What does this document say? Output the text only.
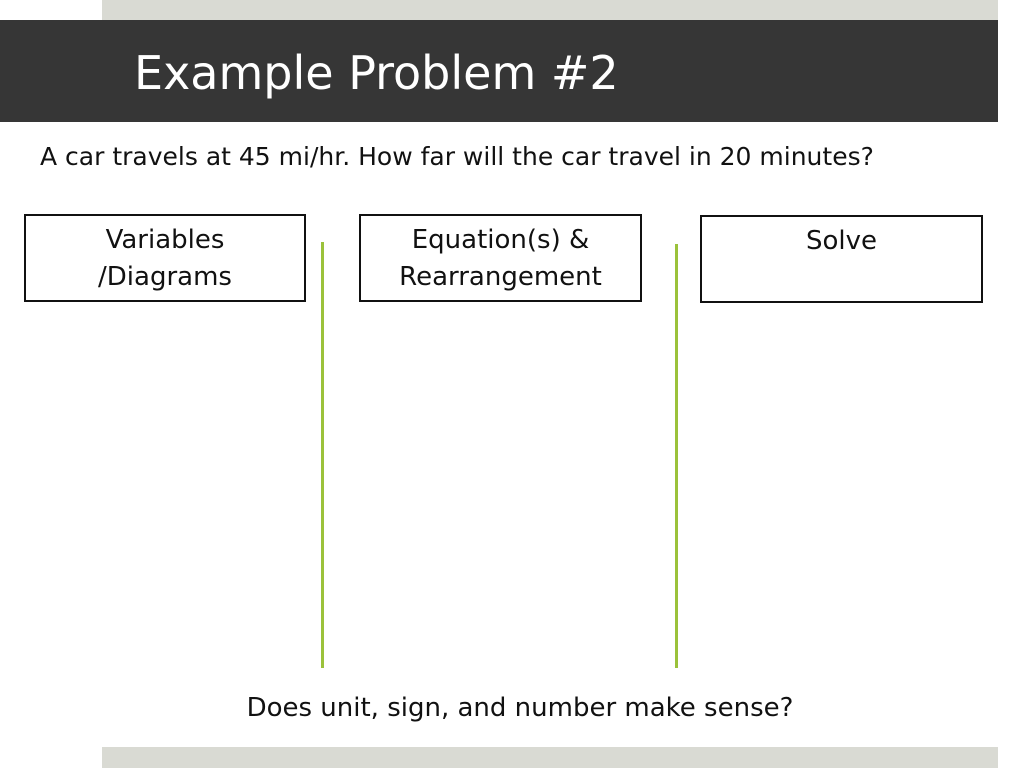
Example Problem #2
A car travels at 45 mi/hr. How far will the car travel in 20 minutes?
Variables
/Diagrams
Equation(s) &
Rearrangement
Solve
Does unit, sign, and number make sense?
